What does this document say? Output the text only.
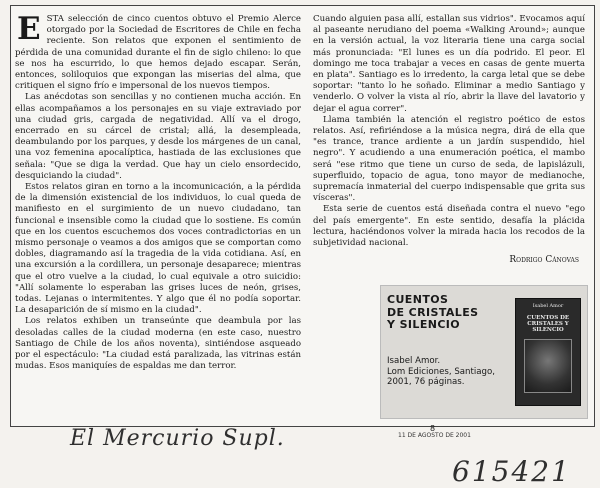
ESTA selección de cinco cuentos obtuvo el Premio Alerce otorgado por la Sociedad de Escritores de Chile en fecha reciente. Son relatos que exponen el sentimiento de pérdida de una comunidad durante el fin de siglo chileno: lo que se nos ha escurrido, lo que hemos dejado escapar. Serán, entonces, soliloquios que expongan las miserias del alma, que critiquen el signo frío e impersonal de los nuevos tiempos.

Las anécdotas son sencillas y no contienen mucha acción. En ellas acompañamos a los personajes en su viaje extraviado por una ciudad gris, cargada de negatividad. Allí va el drogo, encerrado en su cárcel de cristal; allá, la desempleada, deambulando por los parques, y desde los márgenes de un canal, una voz femenina apocalíptica, hastiada de las exclusiones que señala: "Que se diga la verdad. Que hay un cielo ensordecido, desquiciando la ciudad".

Estos relatos giran en torno a la incomunicación, a la pérdida de la dimensión existencial de los individuos, lo cual queda de manifiesto en el surgimiento de un nuevo ciudadano, tan funcional e insensible como la ciudad que lo sostiene. Es común que en los cuentos escuchemos dos voces contradictorias en un mismo personaje o veamos a dos amigos que se comportan como dobles, diagramando así la tragedia de la vida cotidiana. Así, en una excursión a la cordillera, un personaje desaparece; mientras que el otro vuelve a la ciudad, lo cual equivale a otro suicidio: "Allí solamente lo esperaban las grises luces de neón, grises, todas. Lejanas o intermitentes. Y algo que él no podía soportar. La desaparición de sí mismo en la ciudad".

Los relatos exhiben un transeúnte que deambula por las desoladas calles de la ciudad moderna (en este caso, nuestro Santiago de Chile de los años noventa), sintiéndose asqueado por el espectáculo: "La ciudad está paralizada, las vitrinas están mudas. Esos maniquíes de espaldas me dan terror.

Cuando alguien pasa allí, estallan sus vidrios". Evocamos aquí al paseante nerudiano del poema «Walking Around»; aunque en la versión actual, la voz literaria tiene una carga social más pronunciada: "El lunes es un día podrido. El peor. El domingo me toca trabajar a veces en casas de gente muerta en plata". Santiago es lo irredento, la carga letal que se debe soportar: "tanto lo he soñado. Eliminar a medio Santiago y venderlo. O volver la vista al río, abrir la llave del lavatorio y dejar el agua correr".

Llama también la atención el registro poético de estos relatos. Así, refiriéndose a la música negra, dirá de ella que "es trance, trance ardiente a un jardín suspendido, hiel negro". Y acudiendo a una enumeración poética, el mambo será "ese ritmo que tiene un curso de seda, de lapislázuli, superfluido, topacio de agua, tono mayor de medianoche, supremacía inmaterial del cuerpo indispensable que grita sus vísceras".

Esta serie de cuentos está diseñada contra el nuevo "ego del país emergente". En este sentido, desafía la plácida lectura, haciéndonos volver la mirada hacia los recodos de la subjetividad nacional.

Rodrigo Cánovas
CUENTOS
DE CRISTALES
Y SILENCIO
Isabel Amor.
Lom Ediciones, Santiago,
2001, 76 páginas.
Isabel Amor
CUENTOS DE CRISTALES Y SILENCIO
8
11 DE AGOSTO DE 2001
El Mercurio Supl.
615421
